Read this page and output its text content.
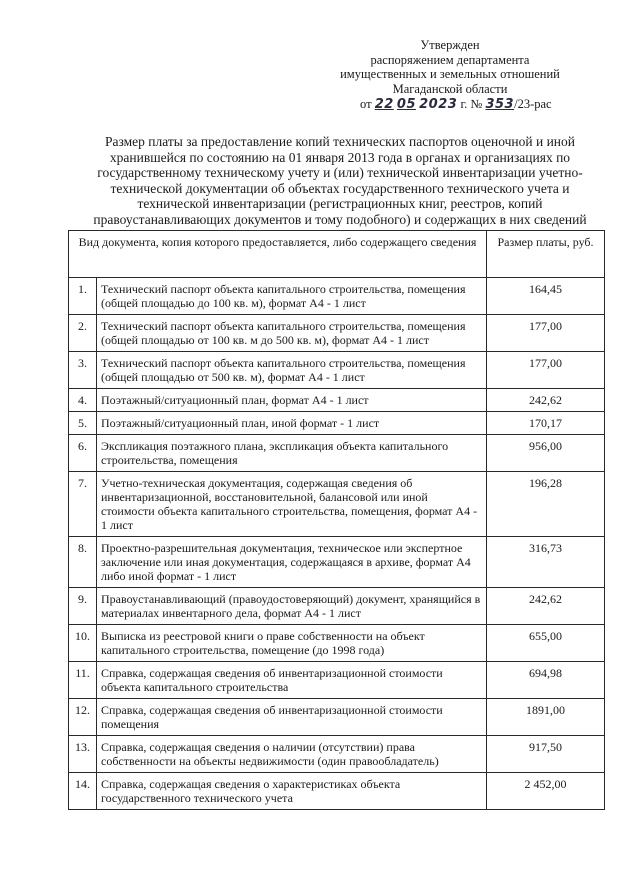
Утвержден
распоряжением департамента
имущественных и земельных отношений
Магаданской области
от 22 05 2023 г. № 353/23-рас
Размер платы за предоставление копий технических паспортов оценочной и иной хранившейся по состоянию на 01 января 2013 года в органах и организациях по государственному техническому учету и (или) технической инвентаризации учетно-технической документации об объектах государственного технического учета и технической инвентаризации (регистрационных книг, реестров, копий правоустанавливающих документов и тому подобного) и содержащих в них сведений
Вид документа, копия которого предоставляется, либо содержащего сведения		Размер платы, руб.
1.	Технический паспорт объекта капитального строительства, помещения (общей площадью до 100 кв. м), формат А4 - 1 лист	164,45
2.	Технический паспорт объекта капитального строительства, помещения (общей площадью от 100 кв. м до 500 кв. м), формат А4 - 1 лист	177,00
3.	Технический паспорт объекта капитального строительства, помещения (общей площадью от 500 кв. м), формат А4 - 1 лист	177,00
4.	Поэтажный/ситуационный план, формат А4 - 1 лист	242,62
5.	Поэтажный/ситуационный план, иной формат - 1 лист	170,17
6.	Экспликация поэтажного плана, экспликация объекта капитального строительства, помещения	956,00
7.	Учетно-техническая документация, содержащая сведения об инвентаризационной, восстановительной, балансовой или иной стоимости объекта капитального строительства, помещения, формат А4 - 1 лист	196,28
8.	Проектно-разрешительная документация, техническое или экспертное заключение или иная документация, содержащаяся в архиве, формат А4 либо иной формат - 1 лист	316,73
9.	Правоустанавливающий (правоудостоверяющий) документ, хранящийся в материалах инвентарного дела, формат А4 - 1 лист	242,62
10.	Выписка из реестровой книги о праве собственности на объект капитального строительства, помещение (до 1998 года)	655,00
11.	Справка, содержащая сведения об инвентаризационной стоимости объекта капитального строительства	694,98
12.	Справка, содержащая сведения об инвентаризационной стоимости помещения	1891,00
13.	Справка, содержащая сведения о наличии (отсутствии) права собственности на объекты недвижимости (один правообладатель)	917,50
14.	Справка, содержащая сведения о характеристиках объекта государственного технического учета	2 452,00
